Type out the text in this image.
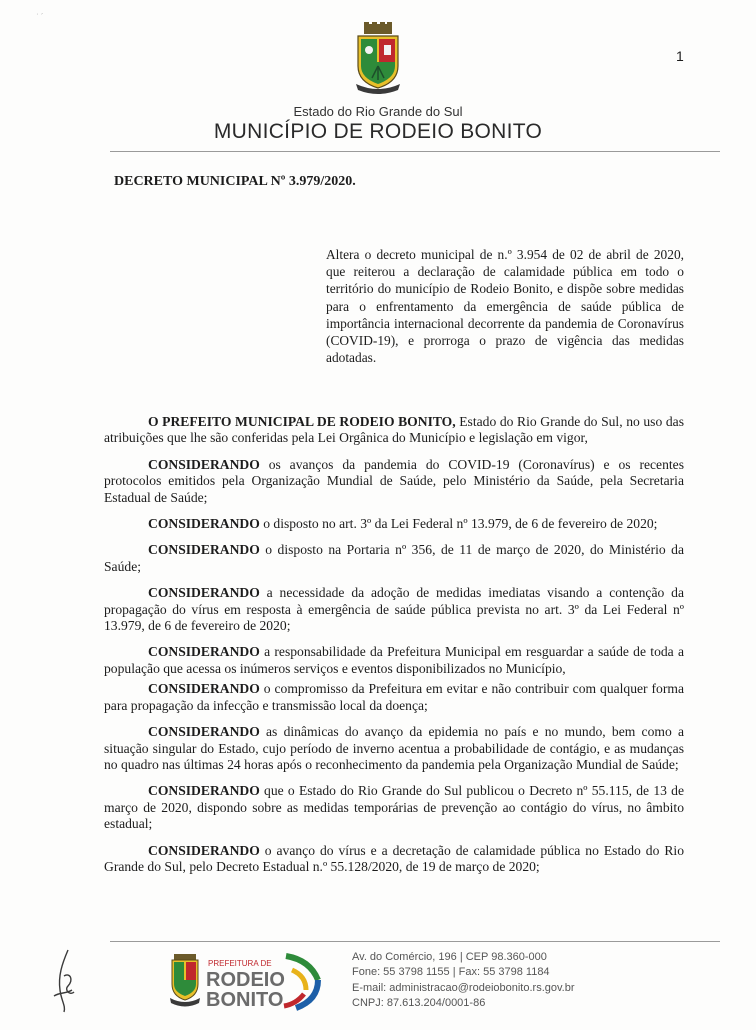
˙ ˊ
1
Estado do Rio Grande do Sul
MUNICÍPIO DE RODEIO BONITO
DECRETO MUNICIPAL Nº 3.979/2020.
Altera o decreto municipal de n.º 3.954 de 02 de abril de 2020, que reiterou a declaração de calamidade pública em todo o território do município de Rodeio Bonito, e dispõe sobre medidas para o enfrentamento da emergência de saúde pública de importância internacional decorrente da pandemia de Coronavírus (COVID-19), e prorroga o prazo de vigência das medidas adotadas.

O PREFEITO MUNICIPAL DE RODEIO BONITO, Estado do Rio Grande do Sul, no uso das atribuições que lhe são conferidas pela Lei Orgânica do Município e legislação em vigor,

CONSIDERANDO os avanços da pandemia do COVID-19 (Coronavírus) e os recentes protocolos emitidos pela Organização Mundial de Saúde, pelo Ministério da Saúde, pela Secretaria Estadual de Saúde;

CONSIDERANDO o disposto no art. 3º da Lei Federal nº 13.979, de 6 de fevereiro de 2020;

CONSIDERANDO o disposto na Portaria nº 356, de 11 de março de 2020, do Ministério da Saúde;

CONSIDERANDO a necessidade da adoção de medidas imediatas visando a contenção da propagação do vírus em resposta à emergência de saúde pública prevista no art. 3º da Lei Federal nº 13.979, de 6 de fevereiro de 2020;

CONSIDERANDO a responsabilidade da Prefeitura Municipal em resguardar a saúde de toda a população que acessa os inúmeros serviços e eventos disponibilizados no Município,

CONSIDERANDO o compromisso da Prefeitura em evitar e não contribuir com qualquer forma para propagação da infecção e transmissão local da doença;

CONSIDERANDO as dinâmicas do avanço da epidemia no país e no mundo, bem como a situação singular do Estado, cujo período de inverno acentua a probabilidade de contágio, e as mudanças no quadro nas últimas 24 horas após o reconhecimento da pandemia pela Organização Mundial de Saúde;

CONSIDERANDO que o Estado do Rio Grande do Sul publicou o Decreto nº 55.115, de 13 de março de 2020, dispondo sobre as medidas temporárias de prevenção ao contágio do vírus, no âmbito estadual;

CONSIDERANDO o avanço do vírus e a decretação de calamidade pública no Estado do Rio Grande do Sul, pelo Decreto Estadual n.º 55.128/2020, de 19 de março de 2020;

PREFEITURA DE
RODEIO
BONITO
Av. do Comércio, 196 | CEP 98.360-000
Fone: 55 3798 1155 | Fax: 55 3798 1184
E-mail: administracao@rodeiobonito.rs.gov.br
CNPJ: 87.613.204/0001-86
